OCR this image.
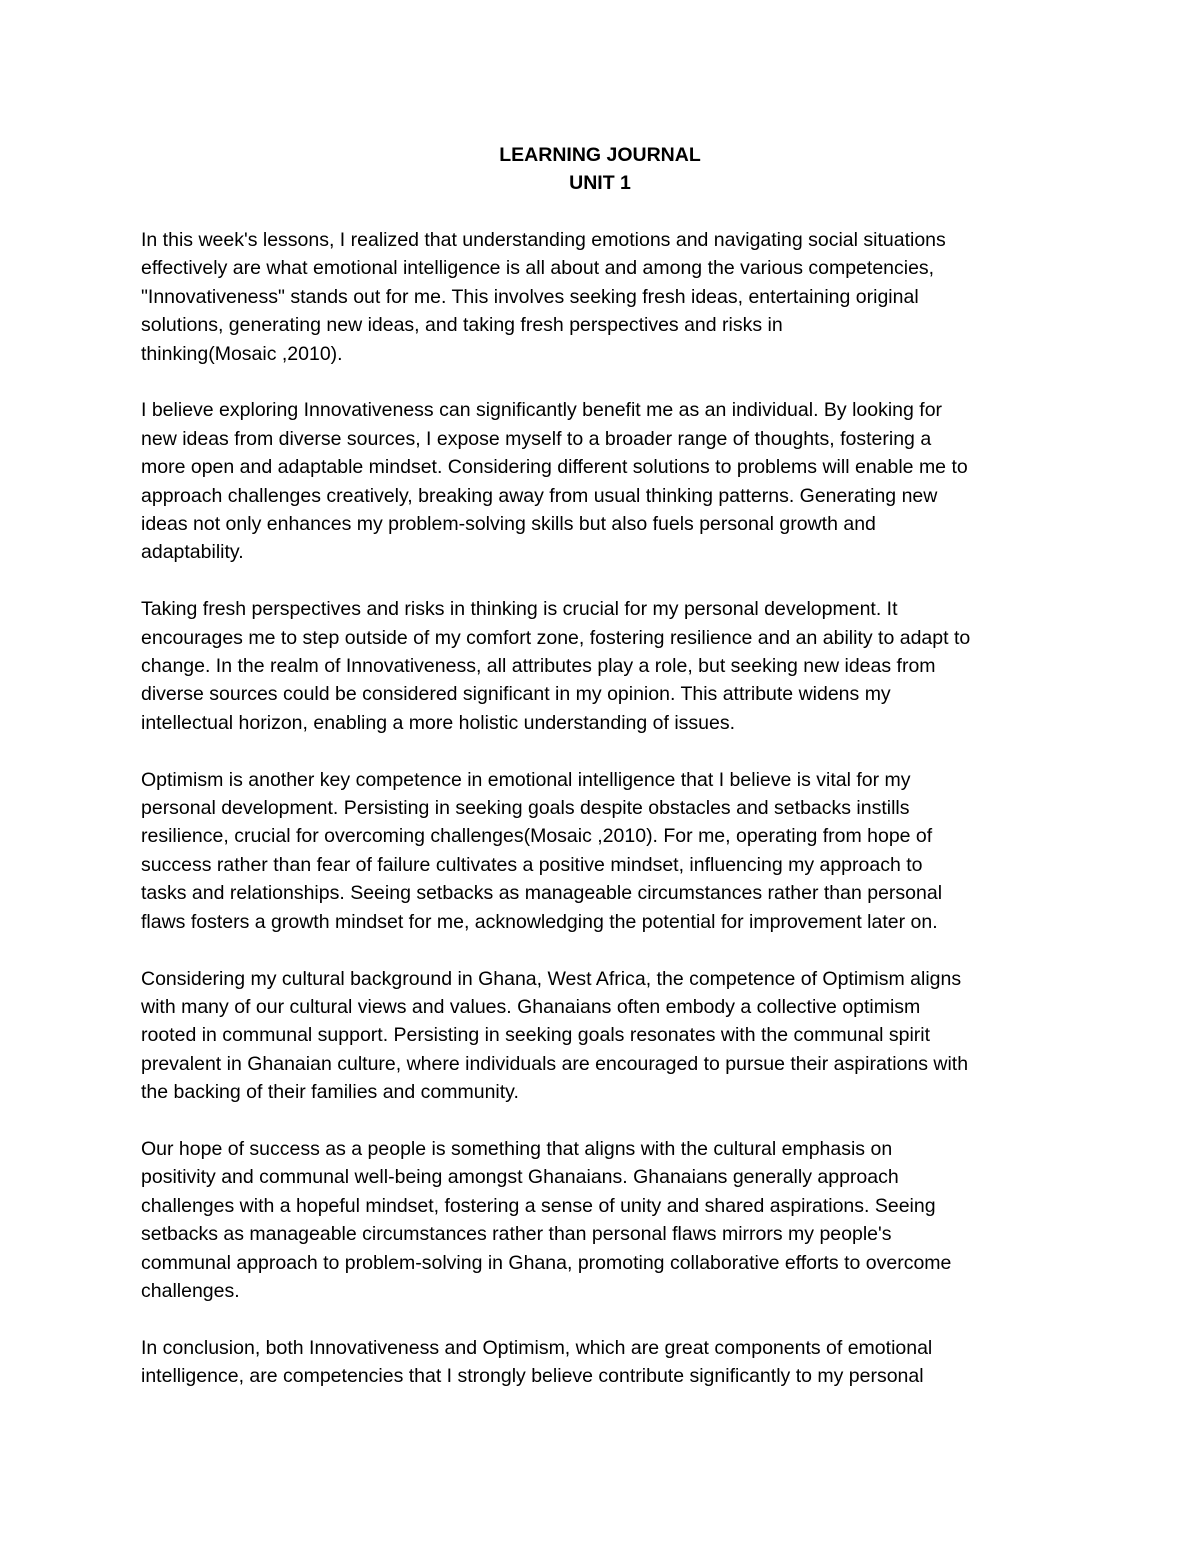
LEARNING JOURNAL
UNIT 1

In this week's lessons, I realized that understanding emotions and navigating social situations
effectively are what emotional intelligence is all about and among the various competencies,
"Innovativeness" stands out for me. This involves seeking fresh ideas, entertaining original
solutions, generating new ideas, and taking fresh perspectives and risks in
thinking(Mosaic ,2010).

I believe exploring Innovativeness can significantly benefit me as an individual. By looking for
new ideas from diverse sources, I expose myself to a broader range of thoughts, fostering a
more open and adaptable mindset. Considering different solutions to problems will enable me to
approach challenges creatively, breaking away from usual thinking patterns. Generating new
ideas not only enhances my problem-solving skills but also fuels personal growth and
adaptability.

Taking fresh perspectives and risks in thinking is crucial for my personal development. It
encourages me to step outside of my comfort zone, fostering resilience and an ability to adapt to
change. In the realm of Innovativeness, all attributes play a role, but seeking new ideas from
diverse sources could be considered significant in my opinion. This attribute widens my
intellectual horizon, enabling a more holistic understanding of issues.

Optimism is another key competence in emotional intelligence that I believe is vital for my
personal development. Persisting in seeking goals despite obstacles and setbacks instills
resilience, crucial for overcoming challenges(Mosaic ,2010). For me, operating from hope of
success rather than fear of failure cultivates a positive mindset, influencing my approach to
tasks and relationships. Seeing setbacks as manageable circumstances rather than personal
flaws fosters a growth mindset for me, acknowledging the potential for improvement later on.

Considering my cultural background in Ghana, West Africa, the competence of Optimism aligns
with many of our cultural views and values. Ghanaians often embody a collective optimism
rooted in communal support. Persisting in seeking goals resonates with the communal spirit
prevalent in Ghanaian culture, where individuals are encouraged to pursue their aspirations with
the backing of their families and community.

Our hope of success as a people is something that aligns with the cultural emphasis on
positivity and communal well-being amongst Ghanaians. Ghanaians generally approach
challenges with a hopeful mindset, fostering a sense of unity and shared aspirations. Seeing
setbacks as manageable circumstances rather than personal flaws mirrors my people's
communal approach to problem-solving in Ghana, promoting collaborative efforts to overcome
challenges.

In conclusion, both Innovativeness and Optimism, which are great components of emotional
intelligence, are competencies that I strongly believe contribute significantly to my personal
